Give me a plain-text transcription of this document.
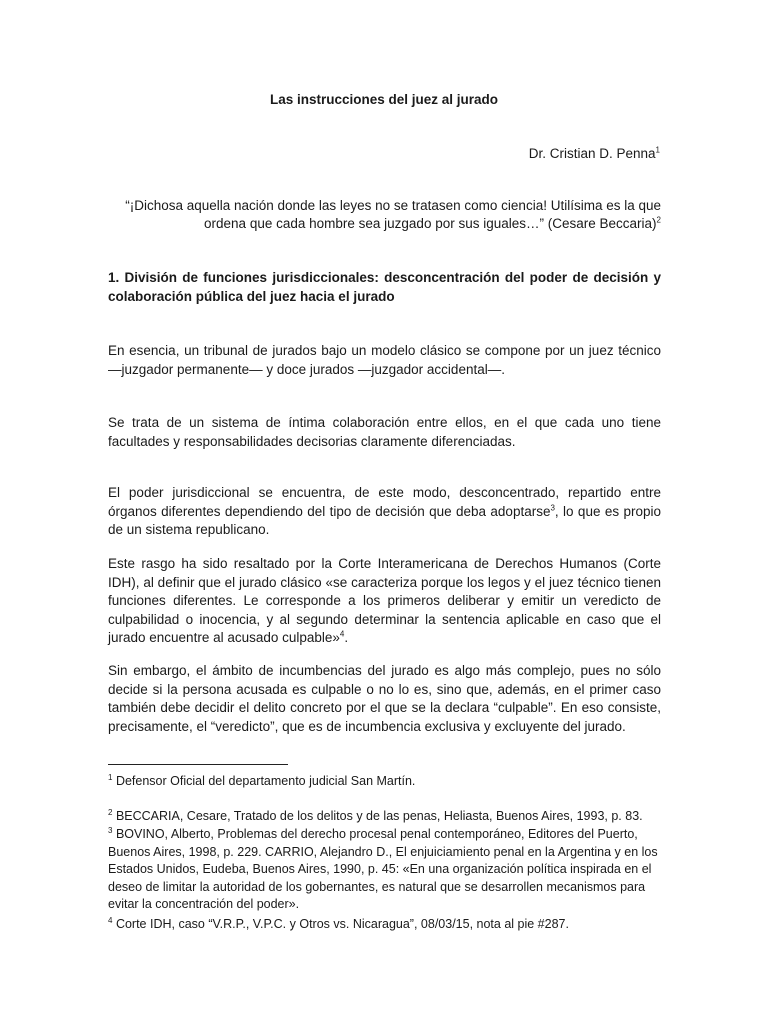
Las instrucciones del juez al jurado
Dr. Cristian D. Penna$^1$
“¡Dichosa aquella nación donde las leyes no se tratasen como ciencia! Utilísima es la que ordena que cada hombre sea juzgado por sus iguales…” (Cesare Beccaria)$^2$
1. División de funciones jurisdiccionales: desconcentración del poder de decisión y colaboración pública del juez hacia el jurado
En esencia, un tribunal de jurados bajo un modelo clásico se compone por un juez técnico —juzgador permanente— y doce jurados —juzgador accidental—.
Se trata de un sistema de íntima colaboración entre ellos, en el que cada uno tiene facultades y responsabilidades decisorias claramente diferenciadas.
El poder jurisdiccional se encuentra, de este modo, desconcentrado, repartido entre órganos diferentes dependiendo del tipo de decisión que deba adoptarse$^3$, lo que es propio de un sistema republicano.
Este rasgo ha sido resaltado por la Corte Interamericana de Derechos Humanos (Corte IDH), al definir que el jurado clásico «se caracteriza porque los legos y el juez técnico tienen funciones diferentes. Le corresponde a los primeros deliberar y emitir un veredicto de culpabilidad o inocencia, y al segundo determinar la sentencia aplicable en caso que el jurado encuentre al acusado culpable»$^4$.
Sin embargo, el ámbito de incumbencias del jurado es algo más complejo, pues no sólo decide si la persona acusada es culpable o no lo es, sino que, además, en el primer caso también debe decidir el delito concreto por el que se la declara “culpable”. En eso consiste, precisamente, el “veredicto”, que es de incumbencia exclusiva y excluyente del jurado.
$^1$ Defensor Oficial del departamento judicial San Martín.
$^2$ BECCARIA, Cesare, Tratado de los delitos y de las penas, Heliasta, Buenos Aires, 1993, p. 83.
$^3$ BOVINO, Alberto, Problemas del derecho procesal penal contemporáneo, Editores del Puerto, Buenos Aires, 1998, p. 229. CARRIO, Alejandro D., El enjuiciamiento penal en la Argentina y en los Estados Unidos, Eudeba, Buenos Aires, 1990, p. 45: «En una organización política inspirada en el deseo de limitar la autoridad de los gobernantes, es natural que se desarrollen mecanismos para evitar la concentración del poder».
$^4$ Corte IDH, caso “V.R.P., V.P.C. y Otros vs. Nicaragua”, 08/03/15, nota al pie #287.
